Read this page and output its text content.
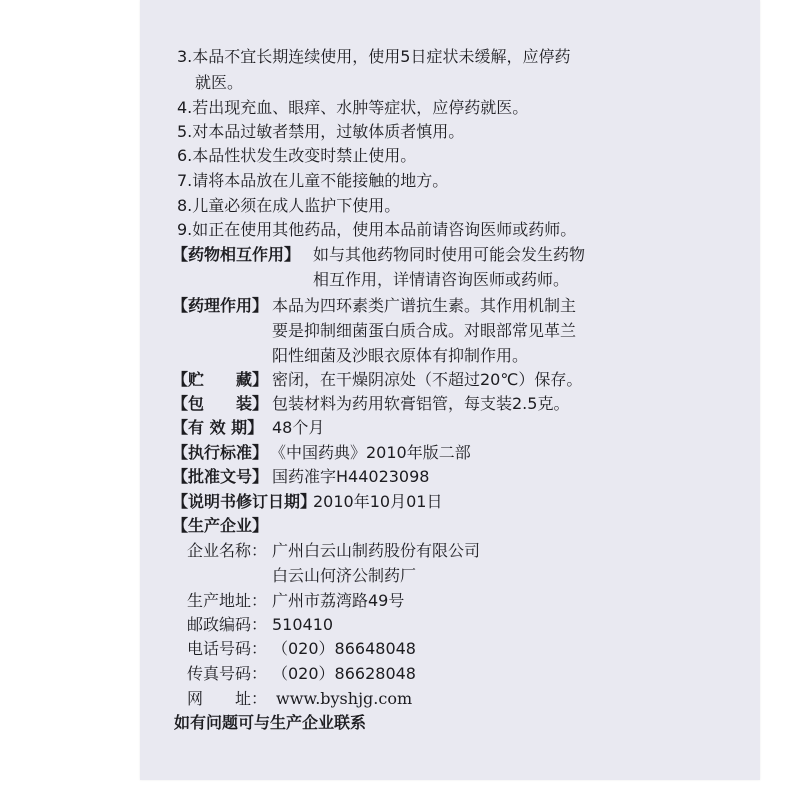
3.本品不宜长期连续使用，使用5日症状未缓解，应停药
就医。
4.若出现充血、眼痒、水肿等症状，应停药就医。
5.对本品过敏者禁用，过敏体质者慎用。
6.本品性状发生改变时禁止使用。
7.请将本品放在儿童不能接触的地方。
8.儿童必须在成人监护下使用。
9.如正在使用其他药品，使用本品前请咨询医师或药师。
【药物相互作用】 如与其他药物同时使用可能会发生药物
相互作用，详情请咨询医师或药师。
【药理作用】 本品为四环素类广谱抗生素。其作用机制主
要是抑制细菌蛋白质合成。对眼部常见革兰
阳性细菌及沙眼衣原体有抑制作用。
【贮　　藏】 密闭，在干燥阴凉处（不超过20℃）保存。
【包　　装】 包装材料为药用软膏铝管，每支装2.5克。
【有 效 期】 48个月
【执行标准】 《中国药典》2010年版二部
【批准文号】 国药准字H44023098
【说明书修订日期】
2010年10月01日
【生产企业】
企业名称： 广州白云山制药股份有限公司
白云山何济公制药厂
生产地址： 广州市荔湾路49号
邮政编码： 510410
电话号码： （020）86648048
传真号码： （020）86628048
网　　址： www.byshjg.com
如有问题可与生产企业联系
